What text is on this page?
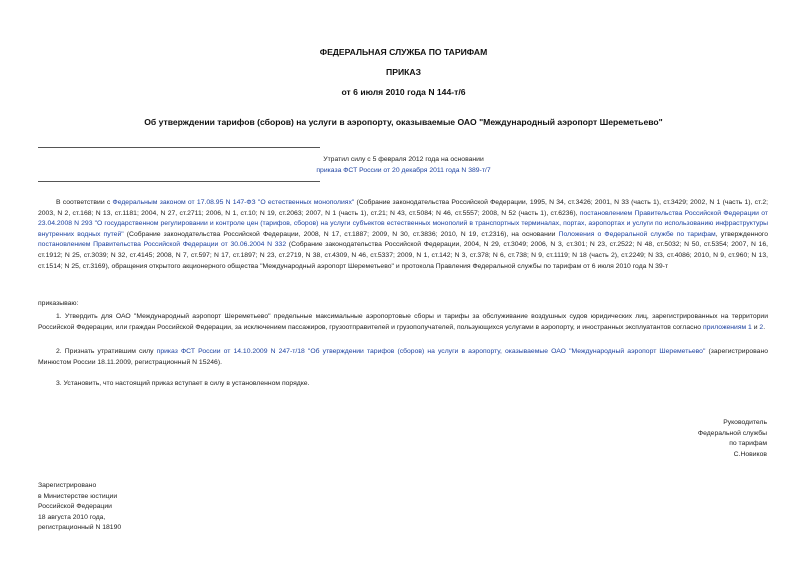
ФЕДЕРАЛЬНАЯ СЛУЖБА ПО ТАРИФАМ
ПРИКАЗ
от 6 июля 2010 года N 144-т/6
Об утверждении тарифов (сборов) на услуги в аэропорту, оказываемые ОАО "Международный аэропорт Шереметьево"
Утратил силу с 5 февраля 2012 года на основании
приказа ФСТ России от 20 декабря 2011 года N 389-т/7
В соответствии с Федеральным законом от 17.08.95 N 147-ФЗ "О естественных монополиях" (Собрание законодательства Российской Федерации, 1995, N 34, ст.3426; 2001, N 33 (часть 1), ст.3429; 2002, N 1 (часть 1), ст.2; 2003, N 2, ст.168; N 13, ст.1181; 2004, N 27, ст.2711; 2006, N 1, ст.10; N 19, ст.2063; 2007, N 1 (часть 1), ст.21; N 43, ст.5084; N 46, ст.5557; 2008, N 52 (часть 1), ст.6236), постановлением Правительства Российской Федерации от 23.04.2008 N 293 "О государственном регулировании и контроле цен (тарифов, сборов) на услуги субъектов естественных монополий в транспортных терминалах, портах, аэропортах и услуги по использованию инфраструктуры внутренних водных путей" (Собрание законодательства Российской Федерации, 2008, N 17, ст.1887; 2009, N 30, ст.3836; 2010, N 19, ст.2316), на основании Положения о Федеральной службе по тарифам, утвержденного постановлением Правительства Российской Федерации от 30.06.2004 N 332 (Собрание законодательства Российской Федерации, 2004, N 29, ст.3049; 2006, N 3, ст.301; N 23, ст.2522; N 48, ст.5032; N 50, ст.5354; 2007, N 16, ст.1912; N 25, ст.3039; N 32, ст.4145; 2008, N 7, ст.597; N 17, ст.1897; N 23, ст.2719, N 38, ст.4309, N 46, ст.5337; 2009, N 1, ст.142; N 3, ст.378; N 6, ст.738; N 9, ст.1119; N 18 (часть 2), ст.2249; N 33, ст.4086; 2010, N 9, ст.960; N 13, ст.1514; N 25, ст.3169), обращения открытого акционерного общества "Международный аэропорт Шереметьево" и протокола Правления Федеральной службы по тарифам от 6 июля 2010 года N 39-т
приказываю:
1. Утвердить для ОАО "Международный аэропорт Шереметьево" предельные максимальные аэропортовые сборы и тарифы за обслуживание воздушных судов юридических лиц, зарегистрированных на территории Российской Федерации, или граждан Российской Федерации, за исключением пассажиров, грузоотправителей и грузополучателей, пользующихся услугами в аэропорту, и иностранных эксплуатантов согласно приложениям 1 и 2.
2. Признать утратившим силу приказ ФСТ России от 14.10.2009 N 247-т/18 "Об утверждении тарифов (сборов) на услуги в аэропорту, оказываемые ОАО "Международный аэропорт Шереметьево" (зарегистрировано Минюстом России 18.11.2009, регистрационный N 15246).
3. Установить, что настоящий приказ вступает в силу в установленном порядке.
Руководитель
Федеральной службы
по тарифам
С.Новиков
Зарегистрировано
в Министерстве юстиции
Российской Федерации
18 августа 2010 года,
регистрационный N 18190
